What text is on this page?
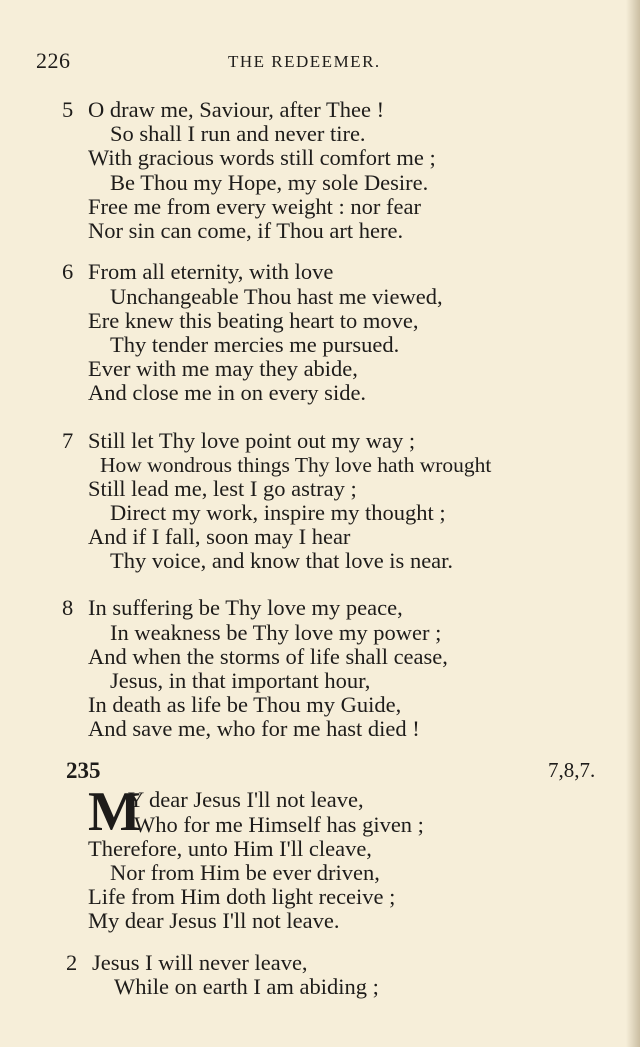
226	THE REDEEMER.
5 O draw me, Saviour, after Thee !
So shall I run and never tire.
With gracious words still comfort me ;
Be Thou my Hope, my sole Desire.
Free me from every weight : nor fear
Nor sin can come, if Thou art here.
6 From all eternity, with love
Unchangeable Thou hast me viewed,
Ere knew this beating heart to move,
Thy tender mercies me pursued.
Ever with me may they abide,
And close me in on every side.
7 Still let Thy love point out my way ;
How wondrous things Thy love hath wrought
Still lead me, lest I go astray ;
Direct my work, inspire my thought ;
And if I fall, soon may I hear
Thy voice, and know that love is near.
8 In suffering be Thy love my peace,
In weakness be Thy love my power ;
And when the storms of life shall cease,
Jesus, in that important hour,
In death as life be Thou my Guide,
And save me, who for me hast died !
235	7,8,7.
M
Y dear Jesus I'll not leave,
Who for me Himself has given ;
Therefore, unto Him I'll cleave,
Nor from Him be ever driven,
Life from Him doth light receive ;
My dear Jesus I'll not leave.
2 Jesus I will never leave,
While on earth I am abiding ;
